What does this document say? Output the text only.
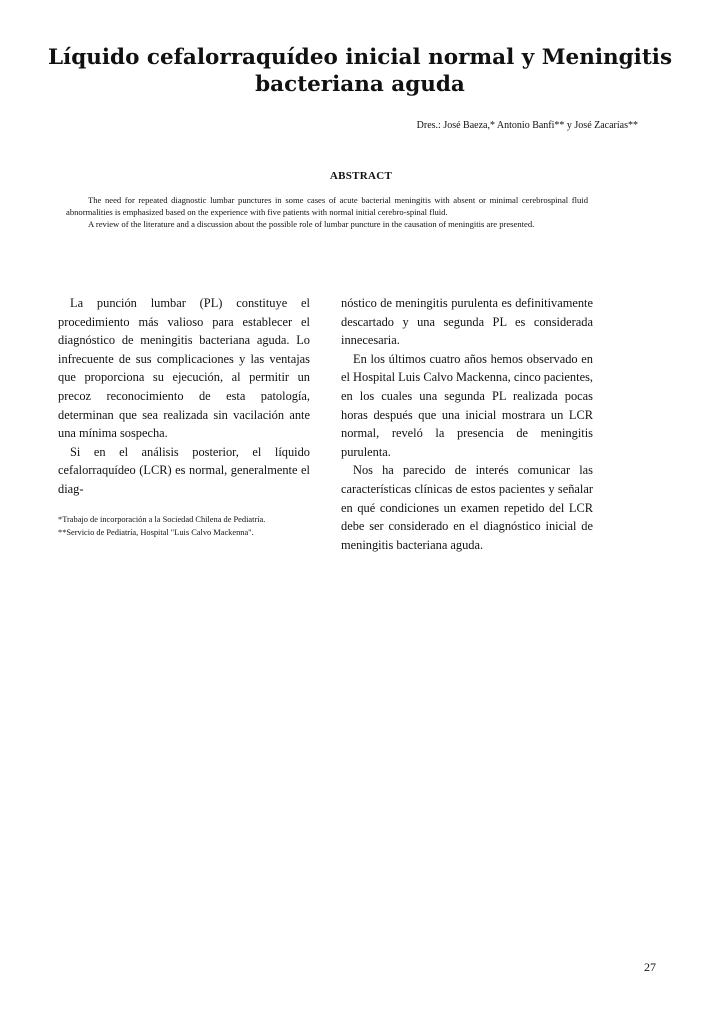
Líquido cefalorraquídeo inicial normal y Meningitis bacteriana aguda
Dres.: José Baeza,* Antonio Banfi** y José Zacarías**
ABSTRACT

The need for repeated diagnostic lumbar punctures in some cases of acute bacterial meningitis with absent or minimal cerebrospinal fluid abnormalities is emphasized based on the experience with five patients with normal initial cerebro-spinal fluid.

A review of the literature and a discussion about the possible role of lumbar puncture in the causation of meningitis are presented.

La punción lumbar (PL) constituye el procedimiento más valioso para establecer el diagnóstico de meningitis bacteriana aguda. Lo infrecuente de sus complicaciones y las ventajas que proporciona su ejecución, al permitir un precoz reconocimiento de esta patología, determinan que sea realizada sin vacilación ante una mínima sospecha.

Si en el análisis posterior, el líquido cefalorraquídeo (LCR) es normal, generalmente el diag-

nóstico de meningitis purulenta es definitivamente descartado y una segunda PL es considerada innecesaria.

En los últimos cuatro años hemos observado en el Hospital Luis Calvo Mackenna, cinco pacientes, en los cuales una segunda PL realizada pocas horas después que una inicial mostrara un LCR normal, reveló la presencia de meningitis purulenta.

Nos ha parecido de interés comunicar las características clínicas de estos pacientes y señalar en qué condiciones un examen repetido del LCR debe ser considerado en el diagnóstico inicial de meningitis bacteriana aguda.

*Trabajo de incorporación a la Sociedad Chilena de Pediatría.
**Servicio de Pediatría, Hospital "Luis Calvo Mackenna".
27
